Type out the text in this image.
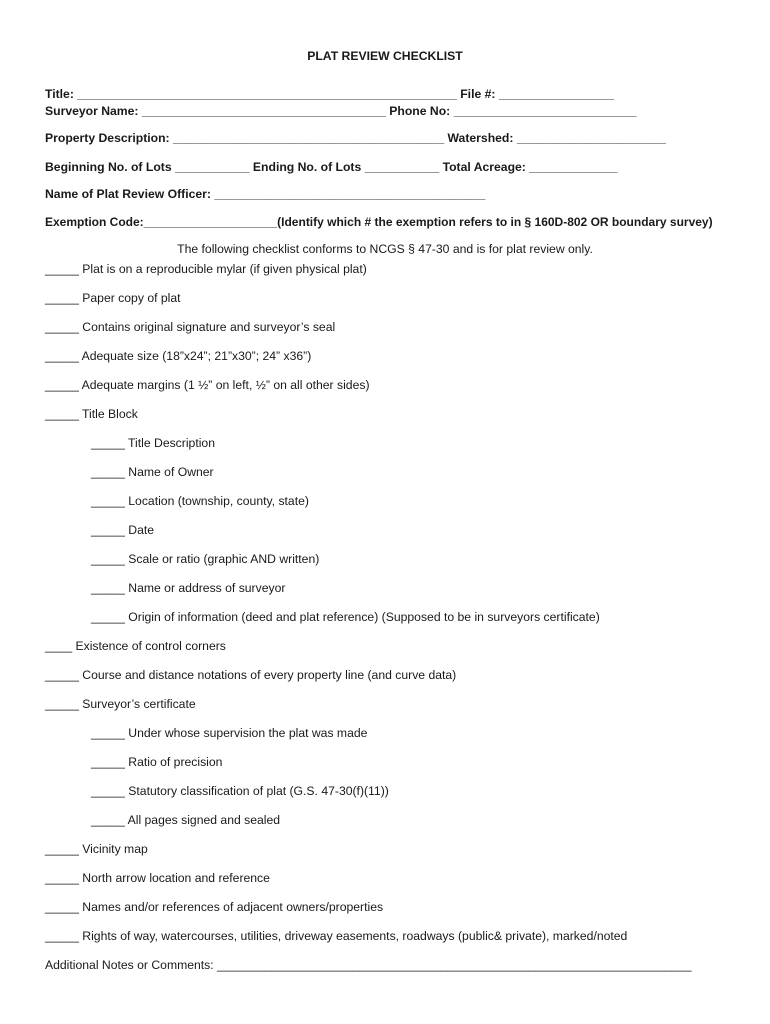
PLAT REVIEW CHECKLIST
Title: ________________________________________________________ File #: _________________
Surveyor Name: ____________________________________ Phone No: ___________________________
Property Description: ________________________________________ Watershed: ______________________
Beginning No. of Lots ___________ Ending No. of Lots ___________ Total Acreage: _____________
Name of Plat Review Officer: ________________________________________
Exemption Code:____________________(Identify which # the exemption refers to in § 160D-802 OR boundary survey)
The following checklist conforms to NCGS § 47-30 and is for plat review only.
_____ Plat is on a reproducible mylar (if given physical plat)
_____ Paper copy of plat
_____ Contains original signature and surveyor’s seal
_____ Adequate size (18”x24”; 21”x30”; 24” x36”)
_____ Adequate margins (1 ½” on left, ½” on all other sides)
_____ Title Block
_____ Title Description
_____ Name of Owner
_____ Location (township, county, state)
_____ Date
_____ Scale or ratio (graphic AND written)
_____ Name or address of surveyor
_____ Origin of information (deed and plat reference) (Supposed to be in surveyors certificate)
____ Existence of control corners
_____ Course and distance notations of every property line (and curve data)
_____ Surveyor’s certificate
_____ Under whose supervision the plat was made
_____ Ratio of precision
_____ Statutory classification of plat (G.S. 47-30(f)(11))
_____ All pages signed and sealed
_____ Vicinity map
_____ North arrow location and reference
_____ Names and/or references of adjacent owners/properties
_____ Rights of way, watercourses, utilities, driveway easements, roadways (public& private), marked/noted
Additional Notes or Comments: ______________________________________________________________________
